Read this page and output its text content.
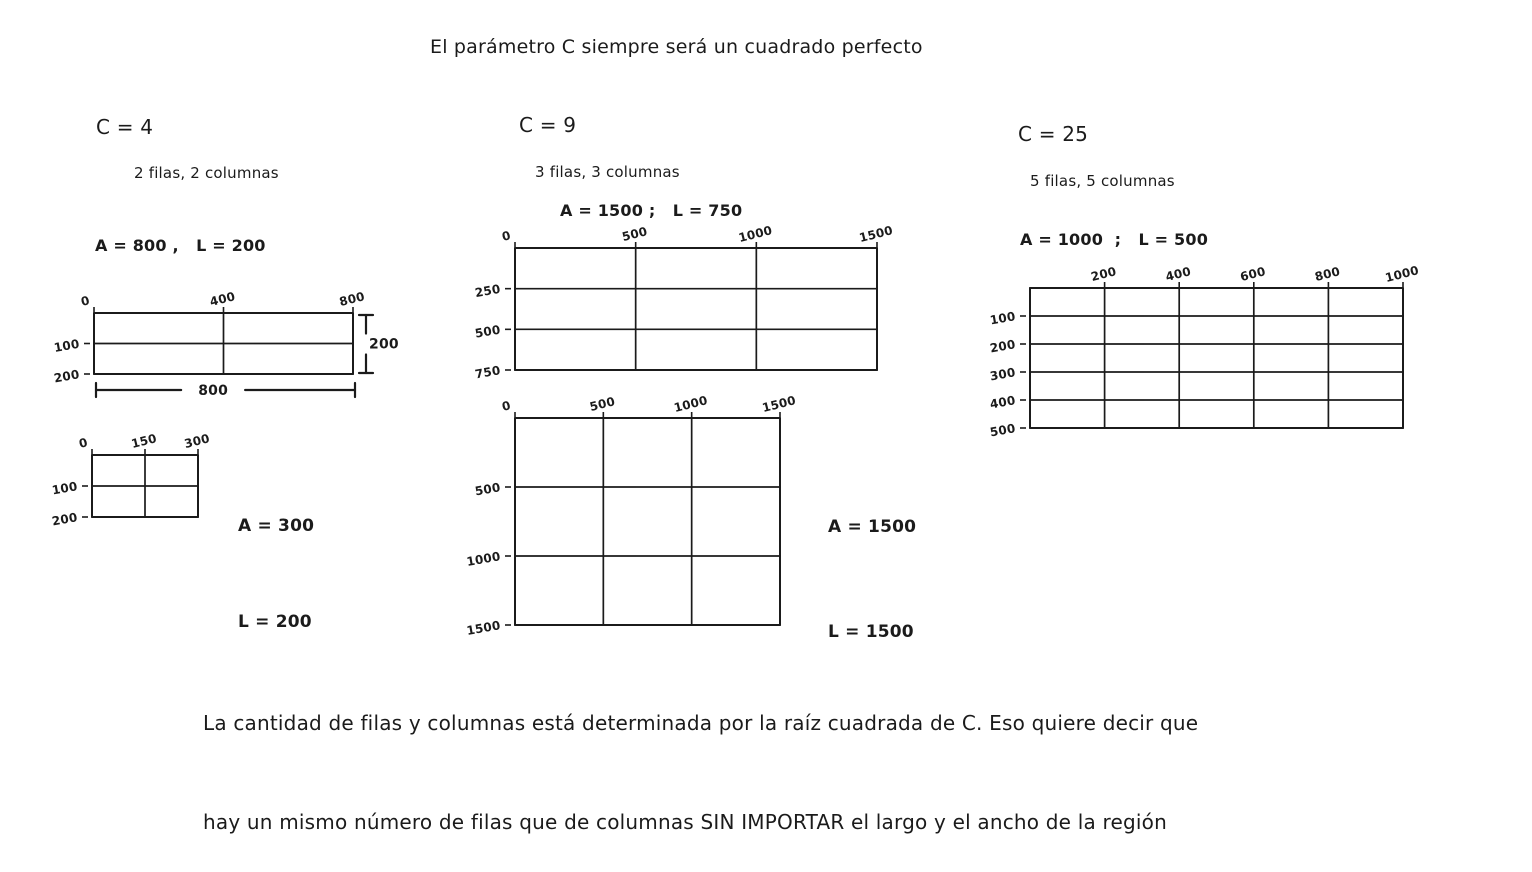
0	400	800
100
200
200
800
0	150 300
100
200
0	500	1000	1500
250
500
750
0	500	1000	1500
500
1000
1500
200	400	600	800	1000
100
200
300
400
500
El parámetro C siempre será un cuadrado perfecto
C = 4
2 filas, 2 columnas
A = 800 ,   L = 200
C = 9
3 filas, 3 columnas
A = 1500 ;   L = 750
C = 25
5 filas, 5 columnas
A = 1000  ;   L = 500

A = 300

L = 200

A = 1500

L = 1500

La cantidad de filas y columnas está determinada por la raíz cuadrada de C. Eso quiere decir que

hay un mismo número de filas que de columnas SIN IMPORTAR el largo y el ancho de la región
